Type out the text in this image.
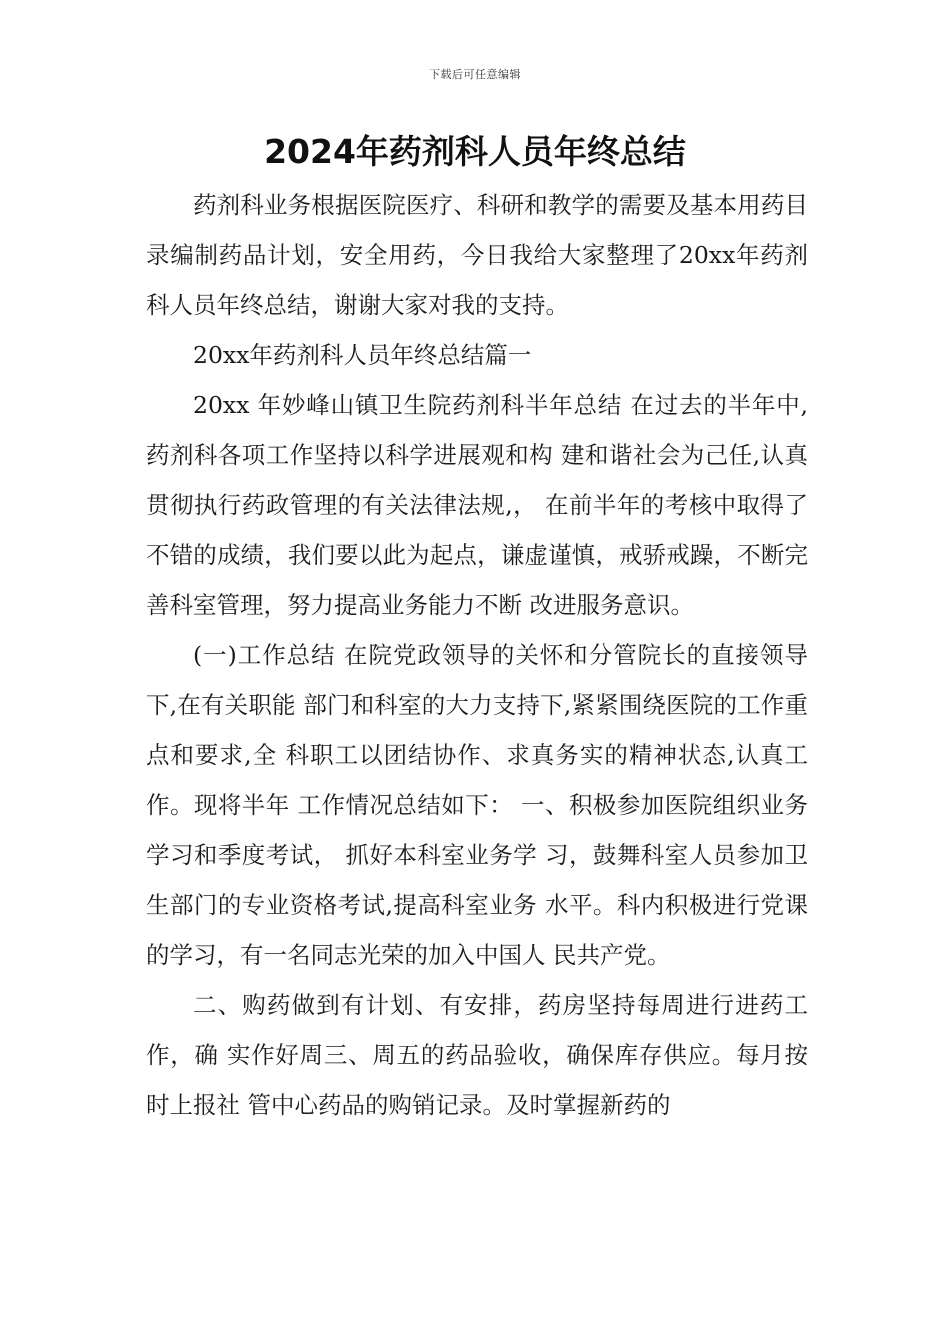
下载后可任意编辑
2024年药剂科人员年终总结

药剂科业务根据医院医疗、科研和教学的需要及基本用药目录编制药品计划，安全用药，今日我给大家整理了20xx年药剂科人员年终总结，谢谢大家对我的支持。

20xx年药剂科人员年终总结篇一

20xx 年妙峰山镇卫生院药剂科半年总结 在过去的半年中,药剂科各项工作坚持以科学进展观和构 建和谐社会为己任,认真贯彻执行药政管理的有关法律法规,， 在前半年的考核中取得了不错的成绩，我们要以此为起点，谦虚谨慎，戒骄戒躁，不断完善科室管理，努力提高业务能力不断 改进服务意识。

(一)工作总结 在院党政领导的关怀和分管院长的直接领导下,在有关职能 部门和科室的大力支持下,紧紧围绕医院的工作重点和要求,全 科职工以团结协作、求真务实的精神状态,认真工作。现将半年 工作情况总结如下： 一、积极参加医院组织业务学习和季度考试， 抓好本科室业务学 习，鼓舞科室人员参加卫生部门的专业资格考试,提高科室业务 水平。科内积极进行党课的学习，有一名同志光荣的加入中国人 民共产党。

二、购药做到有计划、有安排，药房坚持每周进行进药工作，确 实作好周三、周五的药品验收，确保库存供应。每月按时上报社 管中心药品的购销记录。及时掌握新药的
